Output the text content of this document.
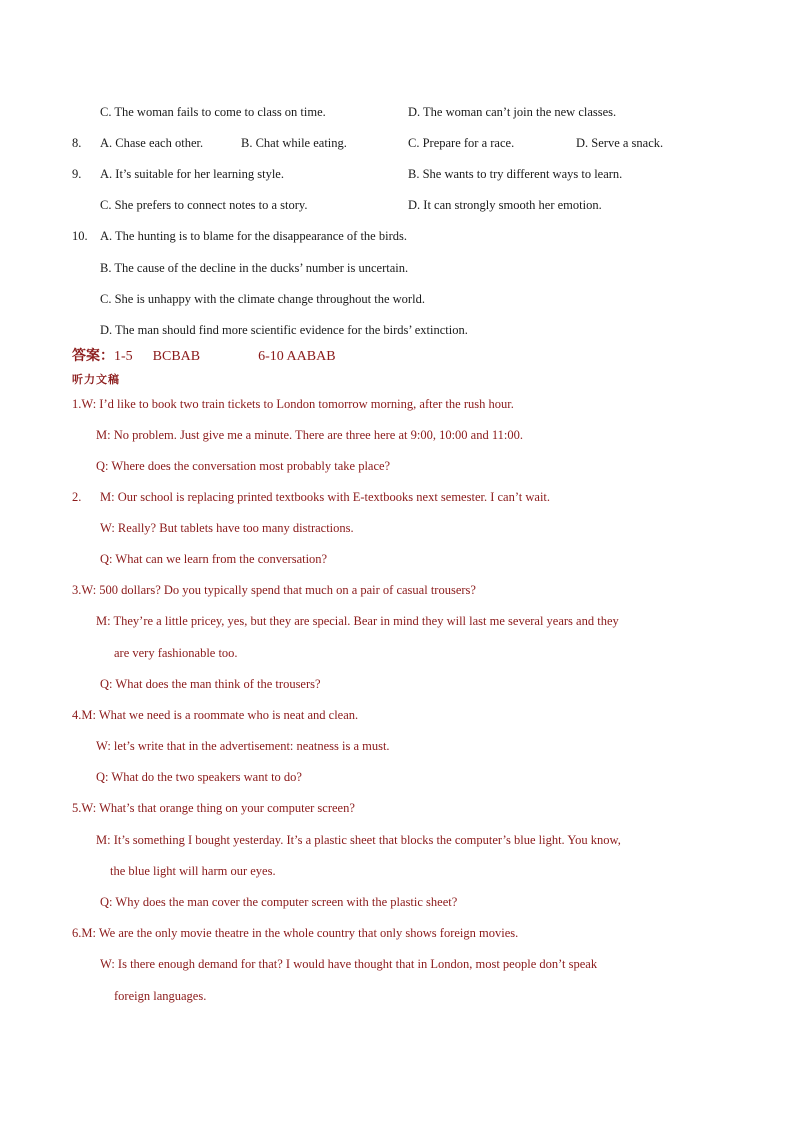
C. The woman fails to come to class on time.	D. The woman can’t join the new classes.
8. A. Chase each other.	B. Chat while eating.	C. Prepare for a race.	D. Serve a snack.
9. A. It’s suitable for her learning style.	B. She wants to try different ways to learn.
C. She prefers to connect notes to a story.	D. It can strongly smooth her emotion.
10. A. The hunting is to blame for the disappearance of the birds.
B. The cause of the decline in the ducks’ number is uncertain.
C. She is unhappy with the climate change throughout the world.
D. The man should find more scientific evidence for the birds’ extinction.
答案：1-5 BCBAB	6-10 AABAB
听力文稿
1.W: I’d like to book two train tickets to London tomorrow morning, after the rush hour.
M: No problem. Just give me a minute. There are three here at 9:00, 10:00 and 11:00.
Q: Where does the conversation most probably take place?
2. M: Our school is replacing printed textbooks with E-textbooks next semester. I can’t wait.
W: Really? But tablets have too many distractions.
Q: What can we learn from the conversation?
3.W: 500 dollars? Do you typically spend that much on a pair of casual trousers?
M: They’re a little pricey, yes, but they are special. Bear in mind they will last me several years and they
are very fashionable too.
Q: What does the man think of the trousers?
4.M: What we need is a roommate who is neat and clean.
W: let’s write that in the advertisement: neatness is a must.
Q: What do the two speakers want to do?
5.W: What’s that orange thing on your computer screen?
M: It’s something I bought yesterday. It’s a plastic sheet that blocks the computer’s blue light. You know,
the blue light will harm our eyes.
Q: Why does the man cover the computer screen with the plastic sheet?
6.M: We are the only movie theatre in the whole country that only shows foreign movies.
W: Is there enough demand for that? I would have thought that in London, most people don’t speak
foreign languages.
